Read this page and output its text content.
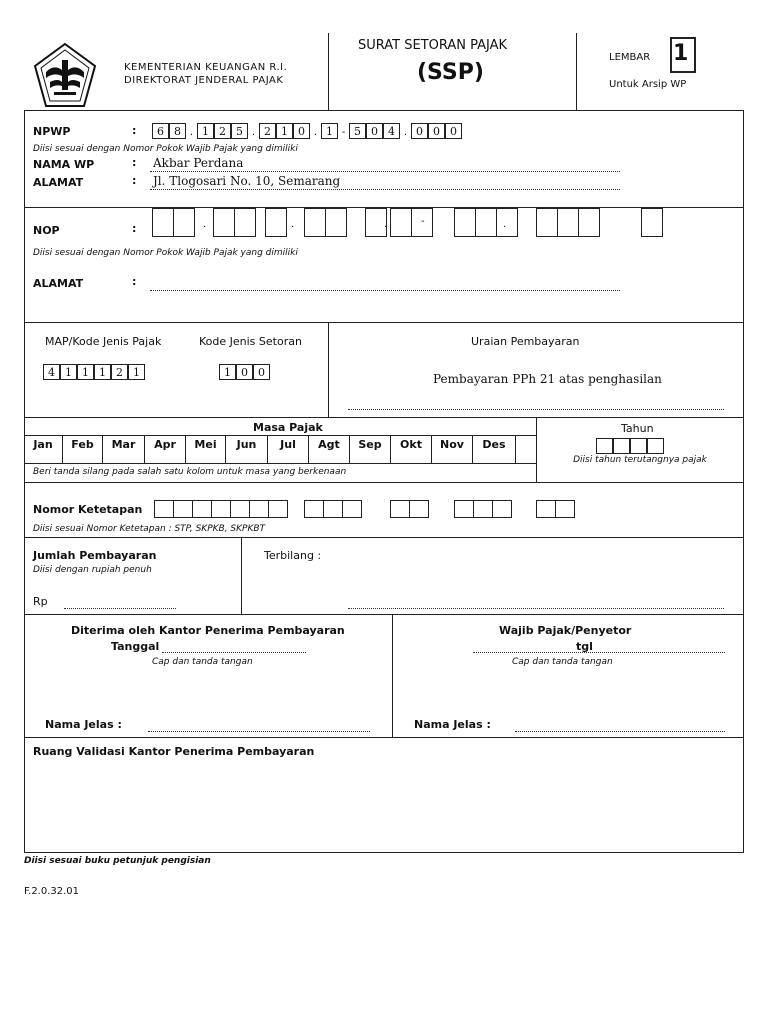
KEMENTERIAN KEUANGAN R.I.
DIREKTORAT JENDERAL PAJAK
SURAT SETORAN PAJAK
(SSP)
LEMBAR 1
Untuk Arsip WP
NPWP	:	6 8 . 1 2 5 . 2 1 0 . 1 - 5 0 4 . 0 0 0
Diisi sesuai dengan Nomor Pokok Wajib Pajak yang dimiliki
NAMA WP	: Akbar Perdana
ALAMAT	: Jl. Tlogosari No. 10, Semarang
NOP	:	.	.	.	.
-
Diisi sesuai dengan Nomor Pokok Wajib Pajak yang dimiliki
ALAMAT	:
MAP/Kode Jenis Pajak
4 1 1 1 2 1
Kode Jenis Setoran
1 0 0
Uraian Pembayaran
Pembayaran PPh 21 atas penghasilan
Masa Pajak
Jan	Feb	Mar	Apr	Mei	Jun	Jul	Agt	Sep	Okt	Nov	Des
Beri tanda silang pada salah satu kolom untuk masa yang berkenaan
Tahun
Diisi tahun terutangnya pajak
Nomor Ketetapan
Diisi sesuai Nomor Ketetapan : STP, SKPKB, SKPKBT
Jumlah Pembayaran
Diisi dengan rupiah penuh
Rp
Terbilang :
Diterima oleh Kantor Penerima Pembayaran
Tanggal
Cap dan tanda tangan
Nama Jelas :
Wajib Pajak/Penyetor
tgl
Cap dan tanda tangan
Nama Jelas :
Ruang Validasi Kantor Penerima Pembayaran
Diisi sesuai buku petunjuk pengisian
F.2.0.32.01
